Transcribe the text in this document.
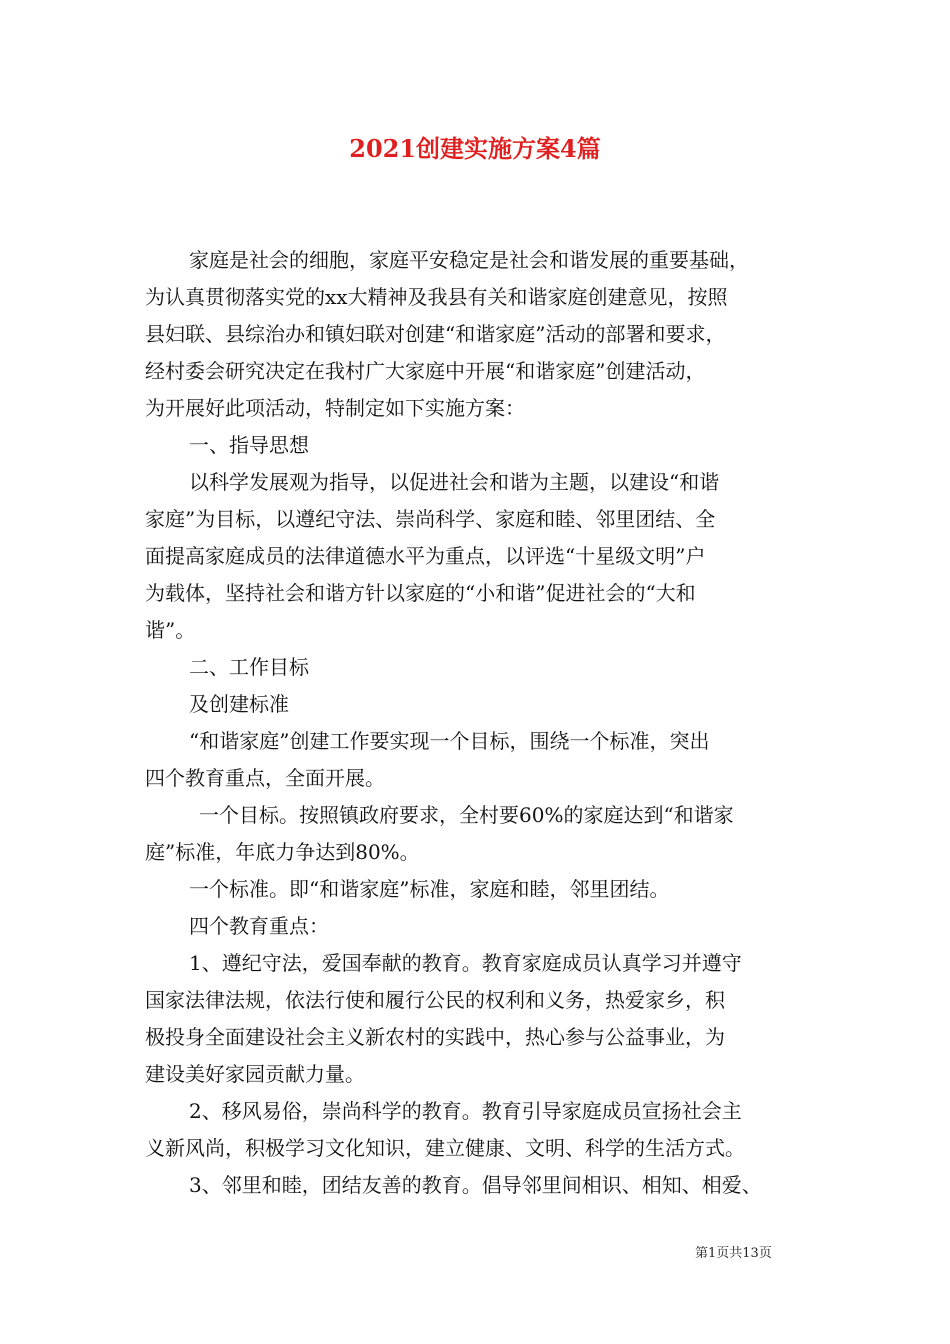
2021创建实施方案4篇
家庭是社会的细胞，家庭平安稳定是社会和谐发展的重要基础，
为认真贯彻落实党的xx大精神及我县有关和谐家庭创建意见，按照
县妇联、县综治办和镇妇联对创建“和谐家庭”活动的部署和要求，
经村委会研究决定在我村广大家庭中开展“和谐家庭”创建活动，
为开展好此项活动，特制定如下实施方案：
一、指导思想
以科学发展观为指导，以促进社会和谐为主题，以建设“和谐
家庭”为目标，以遵纪守法、崇尚科学、家庭和睦、邻里团结、全
面提高家庭成员的法律道德水平为重点，以评选“十星级文明”户
为载体，坚持社会和谐方针以家庭的“小和谐”促进社会的“大和
谐”。
二、工作目标
及创建标准
“和谐家庭”创建工作要实现一个目标，围绕一个标准，突出
四个教育重点，全面开展。
一个目标。按照镇政府要求，全村要60%的家庭达到“和谐家
庭”标准，年底力争达到80%。
一个标准。即“和谐家庭”标准，家庭和睦，邻里团结。
四个教育重点：
1、遵纪守法，爱国奉献的教育。教育家庭成员认真学习并遵守
国家法律法规，依法行使和履行公民的权利和义务，热爱家乡，积
极投身全面建设社会主义新农村的实践中，热心参与公益事业，为
建设美好家园贡献力量。
2、移风易俗，崇尚科学的教育。教育引导家庭成员宣扬社会主
义新风尚，积极学习文化知识，建立健康、文明、科学的生活方式。
3、邻里和睦，团结友善的教育。倡导邻里间相识、相知、相爱、
第1页共13页
